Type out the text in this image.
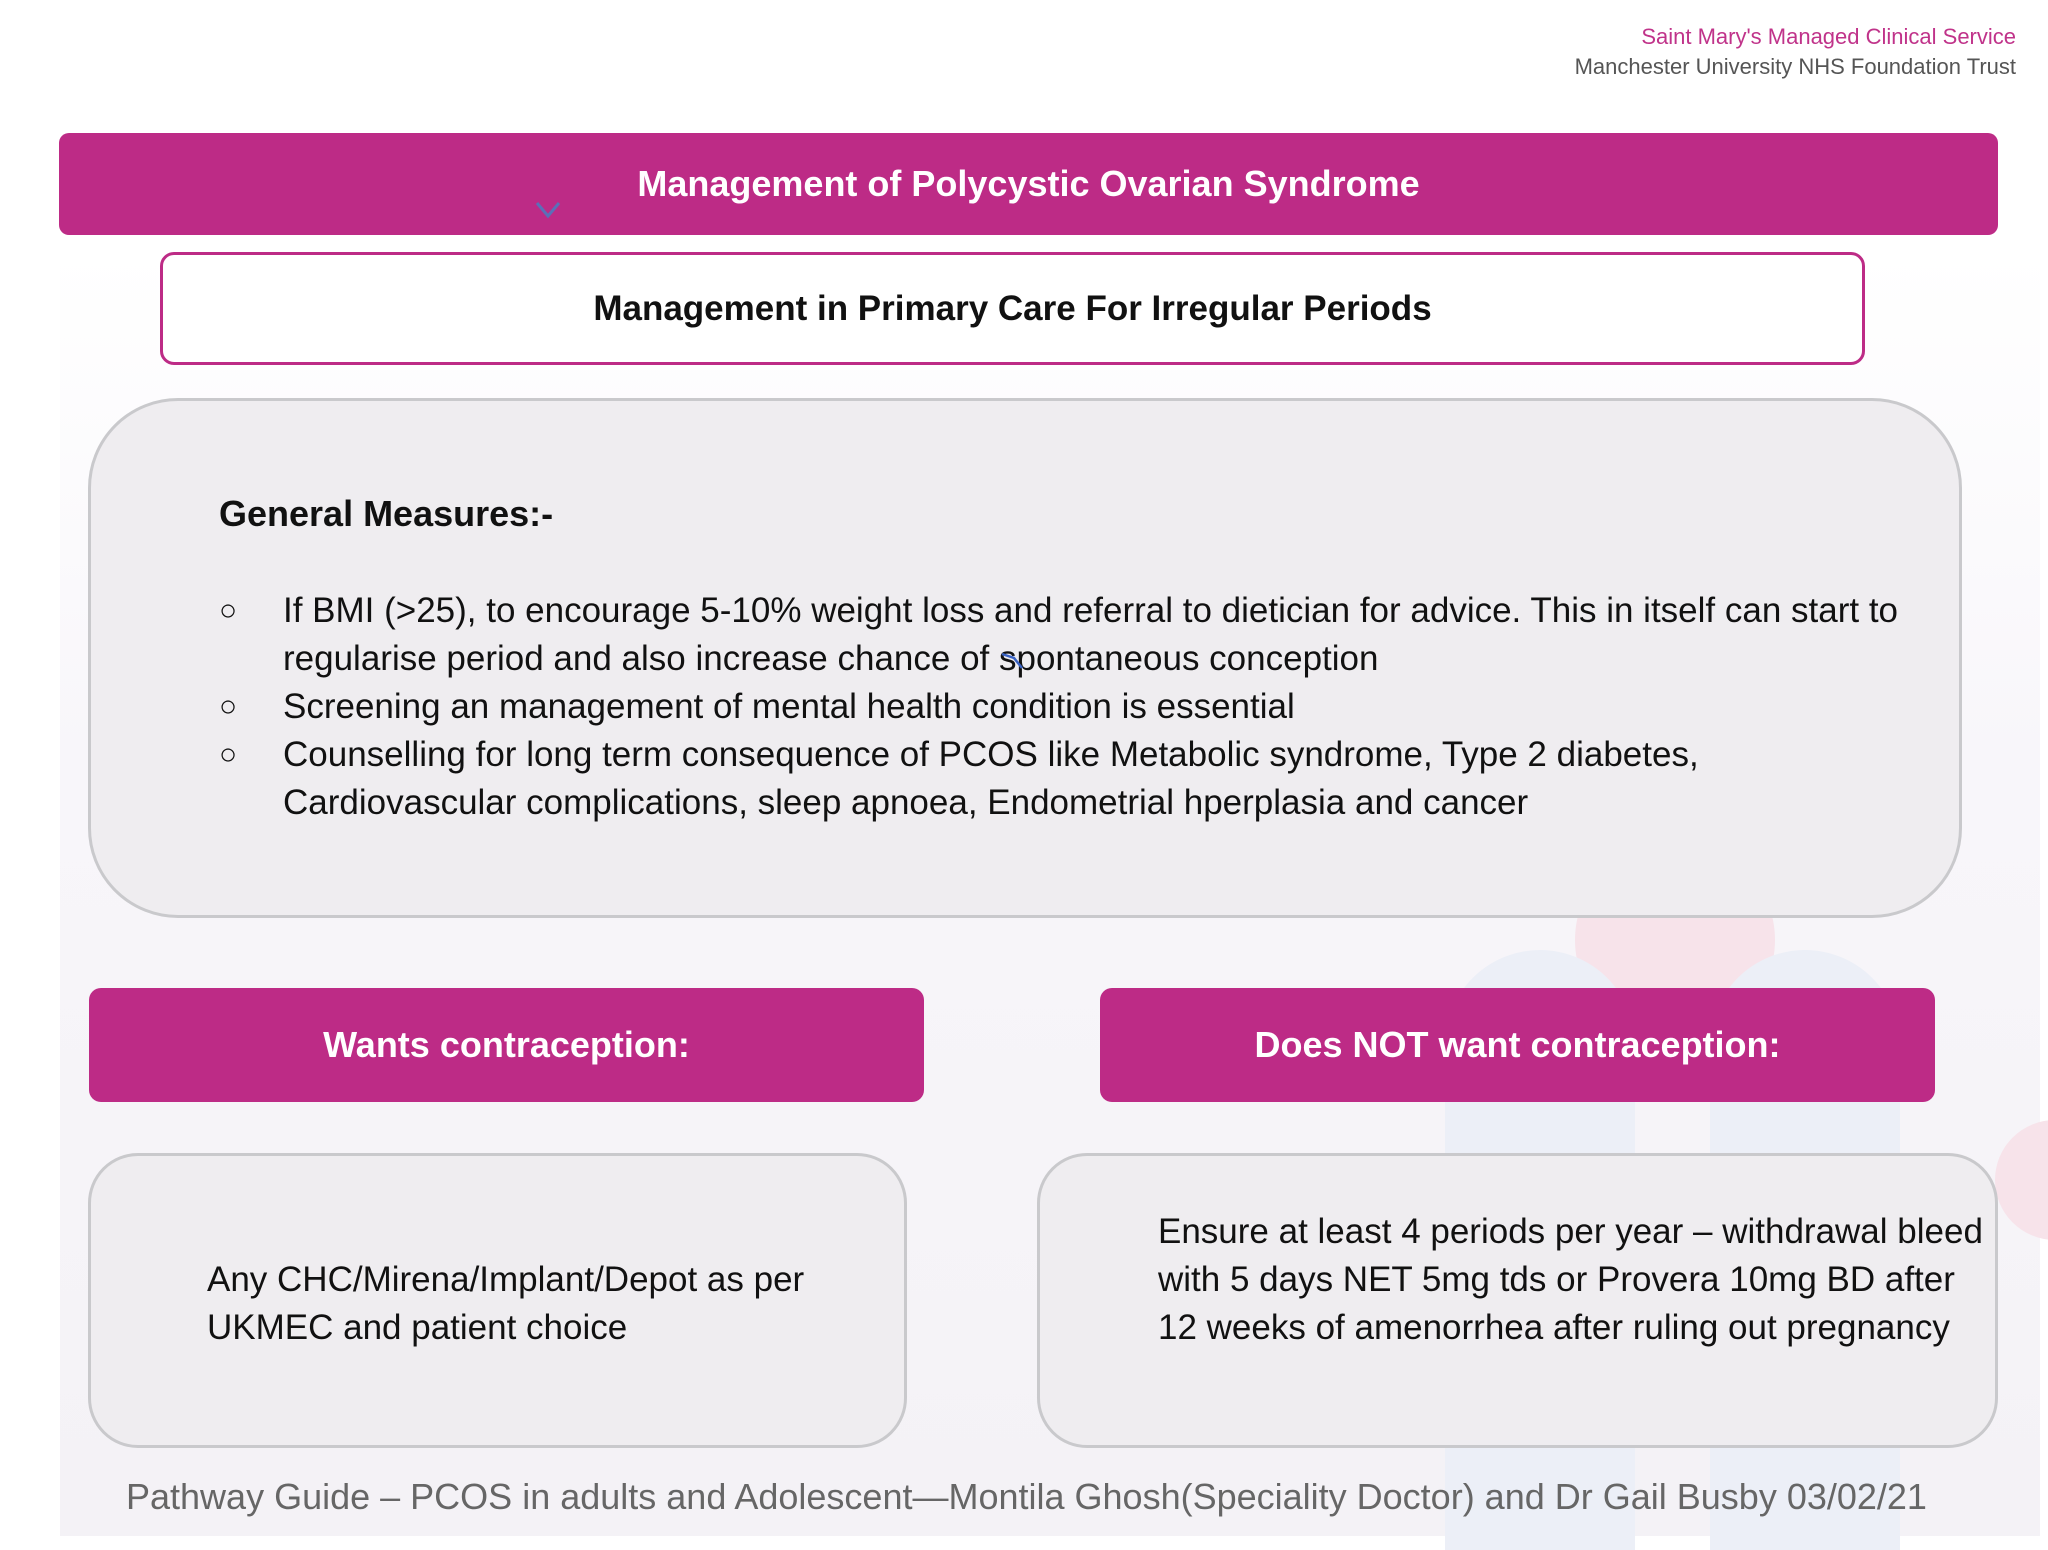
Saint Mary's Managed Clinical Service
Manchester University NHS Foundation Trust
Management of Polycystic Ovarian Syndrome
Management in Primary Care For Irregular Periods
General Measures:-
○ If BMI (>25), to encourage 5-10% weight loss and referral to dietician for advice. This in itself can start to regularise period and also increase chance of spontaneous conception
○ Screening an management of mental health condition is essential
○ Counselling for long term consequence of PCOS like Metabolic syndrome, Type 2 diabetes, Cardiovascular complications, sleep apnoea, Endometrial hperplasia and cancer
Wants contraception:	Does NOT want contraception:
Any CHC/Mirena/Implant/Depot as per UKMEC and patient choice
Ensure at least 4 periods per year – withdrawal bleed with 5 days NET 5mg tds or Provera 10mg BD after 12 weeks of amenorrhea after ruling out pregnancy
Pathway Guide – PCOS in adults and Adolescent—Montila Ghosh(Speciality Doctor) and Dr Gail Busby 03/02/21
